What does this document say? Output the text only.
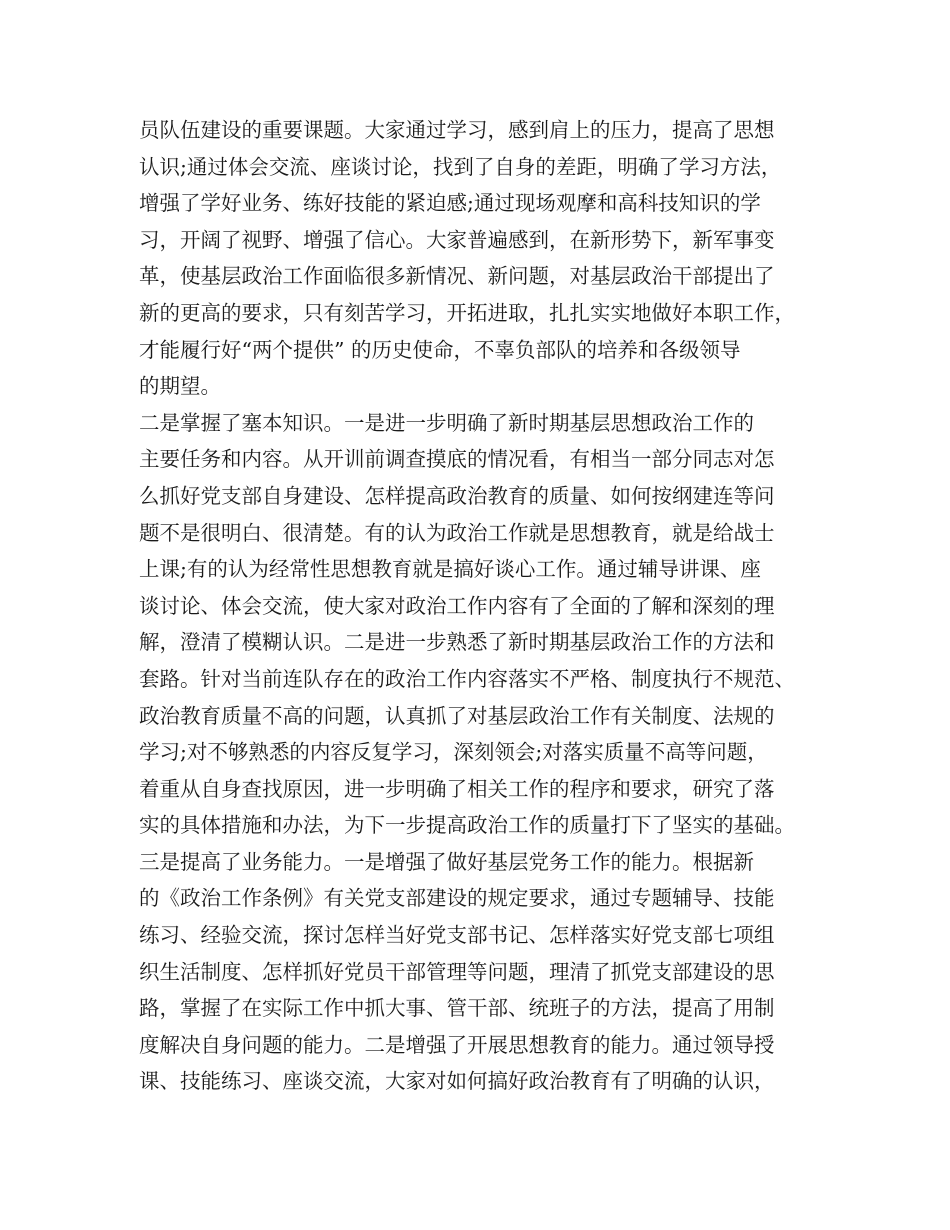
员队伍建设的重要课题。大家通过学习，感到肩上的压力，提高了思想
认识;通过体会交流、座谈讨论，找到了自身的差距，明确了学习方法，
增强了学好业务、练好技能的紧迫感;通过现场观摩和高科技知识的学
习，开阔了视野、增强了信心。大家普遍感到，在新形势下，新军事变
革，使基层政治工作面临很多新情况、新问题，对基层政治干部提出了
新的更高的要求，只有刻苦学习，开拓进取，扎扎实实地做好本职工作，
才能履行好“两个提供” 的历史使命，不辜负部队的培养和各级领导
的期望。
二是掌握了塞本知识。一是进一步明确了新时期基层思想政治工作的
主要任务和内容。从开训前调查摸底的情况看，有相当一部分同志对怎
么抓好党支部自身建设、怎样提高政治教育的质量、如何按纲建连等问
题不是很明白、很清楚。有的认为政治工作就是思想教育，就是给战士
上课;有的认为经常性思想教育就是搞好谈心工作。通过辅导讲课、座
谈讨论、体会交流，使大家对政治工作内容有了全面的了解和深刻的理
解，澄清了模糊认识。二是进一步熟悉了新时期基层政治工作的方法和
套路。针对当前连队存在的政治工作内容落实不严格、制度执行不规范、
政治教育质量不高的问题，认真抓了对基层政治工作有关制度、法规的
学习;对不够熟悉的内容反复学习，深刻领会;对落实质量不高等问题，
着重从自身查找原因，进一步明确了相关工作的程序和要求，研究了落
实的具体措施和办法，为下一步提高政治工作的质量打下了坚实的基础。
三是提高了业务能力。一是增强了做好基层党务工作的能力。根据新
的《政治工作条例》有关党支部建设的规定要求，通过专题辅导、技能
练习、经验交流，探讨怎样当好党支部书记、怎样落实好党支部七项组
织生活制度、怎样抓好党员干部管理等问题，理清了抓党支部建设的思
路，掌握了在实际工作中抓大事、管干部、统班子的方法，提高了用制
度解决自身问题的能力。二是增强了开展思想教育的能力。通过领导授
课、技能练习、座谈交流，大家对如何搞好政治教育有了明确的认识，
